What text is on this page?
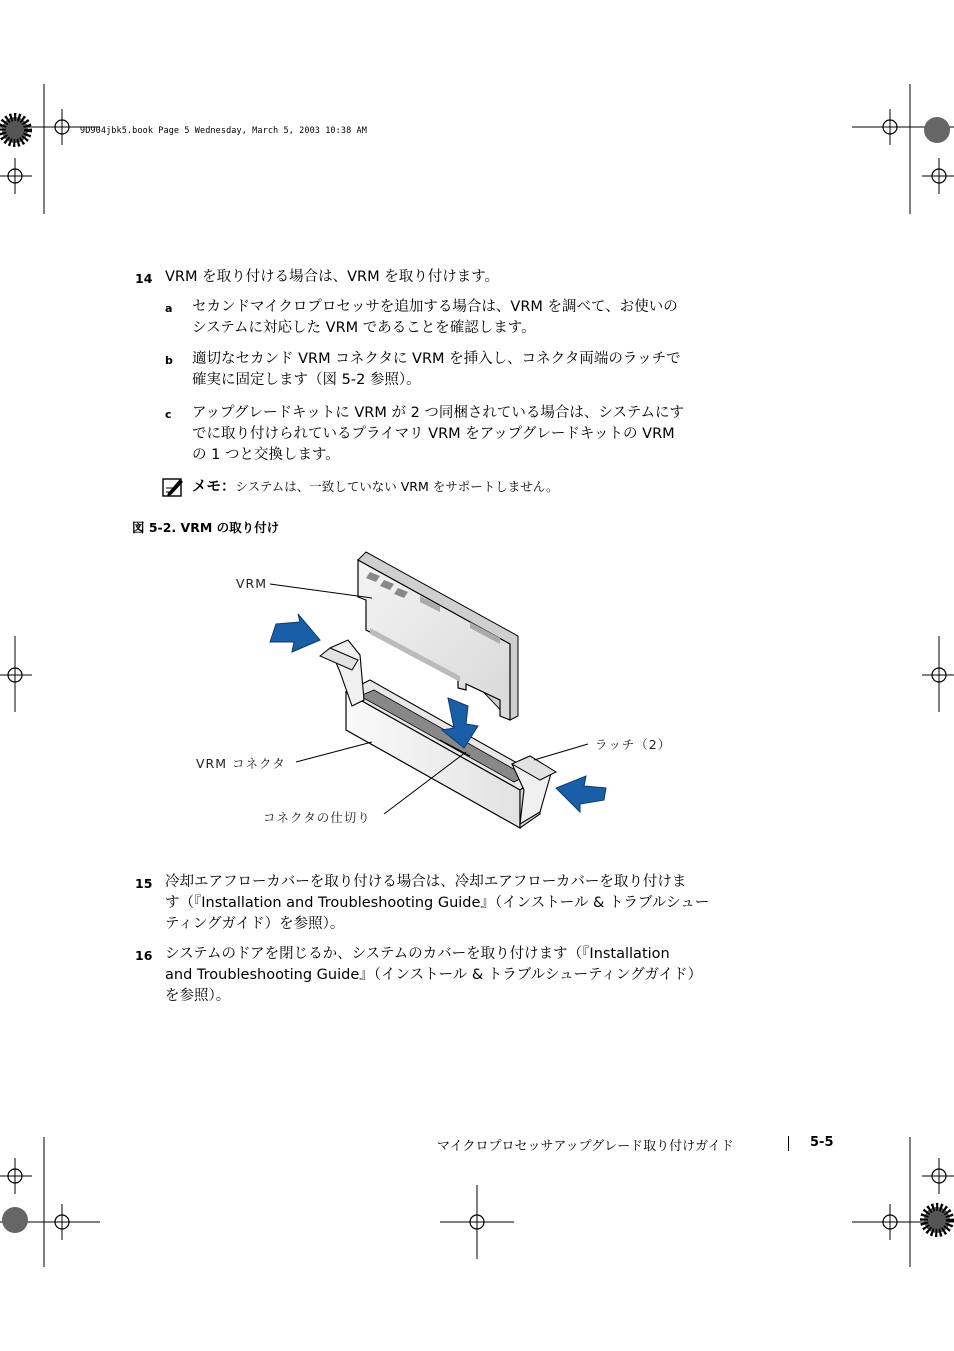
9D904jbk5.book Page 5 Wednesday, March 5, 2003 10:38 AM
14 VRM を取り付ける場合は、VRM を取り付けます。
a セカンドマイクロプロセッサを追加する場合は、VRM を調べて、お使いの
システムに対応した VRM であることを確認します。
b 適切なセカンド VRM コネクタに VRM を挿入し、コネクタ両端のラッチで
確実に固定します（図 5-2 参照）。
c アップグレードキットに VRM が 2 つ同梱されている場合は、システムにす
でに取り付けられているプライマリ VRM をアップグレードキットの VRM
の 1 つと交換します。
メモ：システムは、一致していない VRM をサポートしません。
図 5-2. VRM の取り付け
VRM
ラッチ（2）
VRM コネクタ
コネクタの仕切り
15 冷却エアフローカバーを取り付ける場合は、冷却エアフローカバーを取り付けま
す（『Installation and Troubleshooting Guide』（インストール & トラブルシュー
ティングガイド）を参照）。
16 システムのドアを閉じるか、システムのカバーを取り付けます（『Installation
and Troubleshooting Guide』（インストール & トラブルシューティングガイド）
を参照）。
マイクロプロセッサアップグレード取り付けガイド	5-5
